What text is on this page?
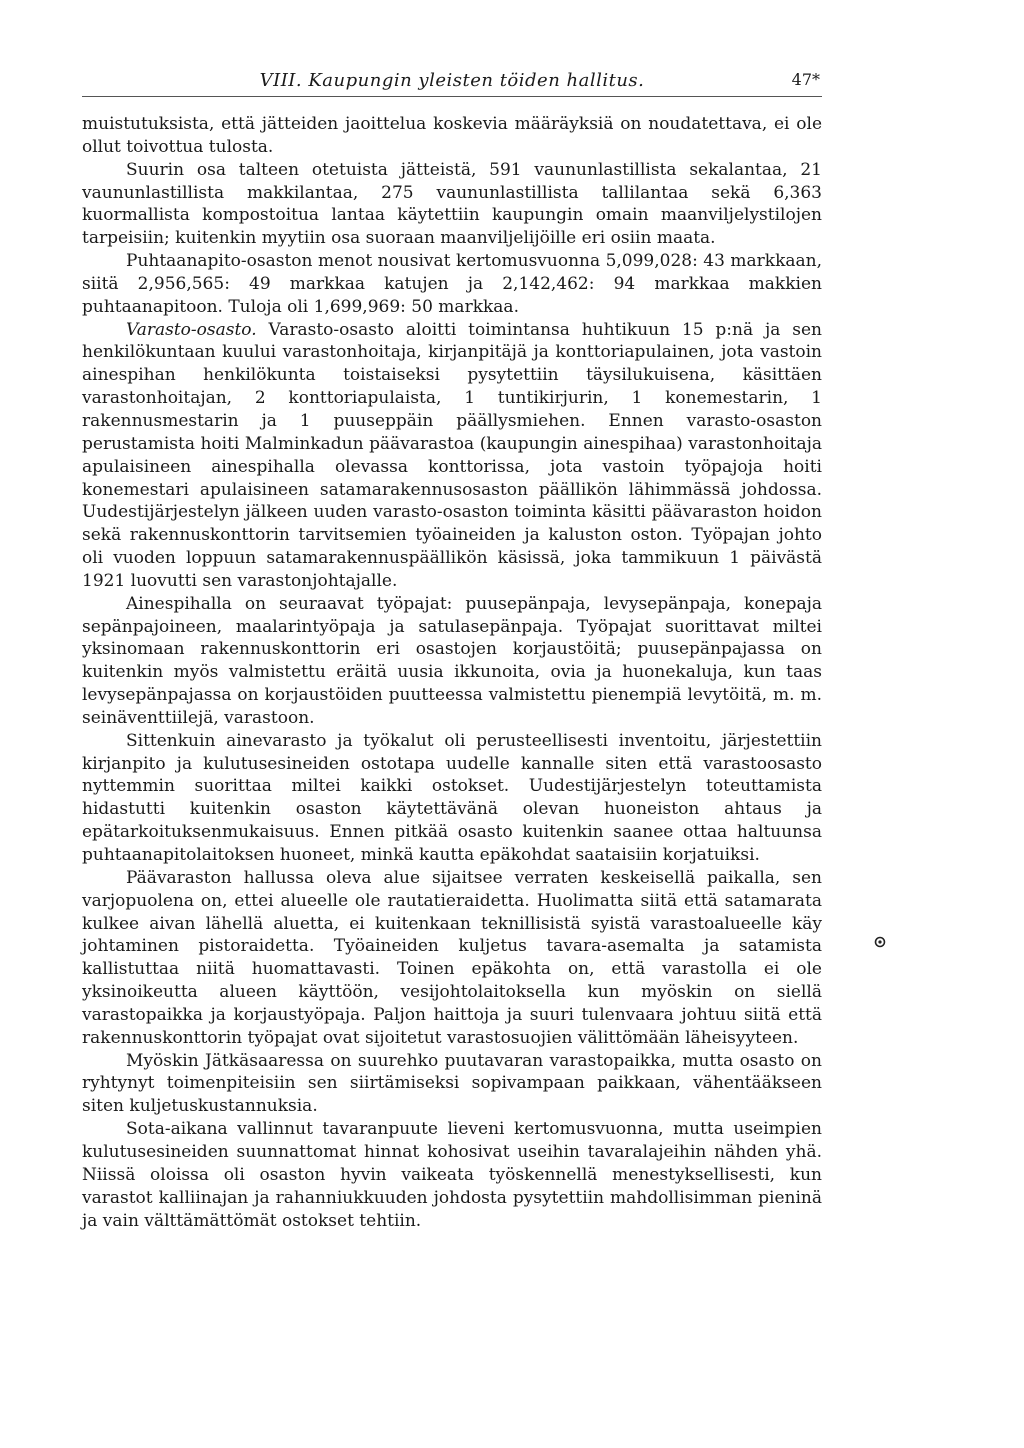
VIII. Kaupungin yleisten töiden hallitus.	47*

muistutuksista, että jätteiden jaoittelua koskevia määräyksiä on noudatettava, ei ole ollut toivottua tulosta.

Suurin osa talteen otetuista jätteistä, 591 vaununlastillista sekalantaa, 21 vaununlastillista makkilantaa, 275 vaununlastillista tallilantaa sekä 6,363 kuormallista kompostoitua lantaa käytettiin kaupungin omain maanviljelystilojen tarpeisiin; kuitenkin myytiin osa suoraan maanviljelijöille eri osiin maata.

Puhtaanapito-osaston menot nousivat kertomusvuonna 5,099,028: 43 markkaan, siitä 2,956,565: 49 markkaa katujen ja 2,142,462: 94 markkaa makkien puhtaanapitoon. Tuloja oli 1,699,969: 50 markkaa.

Varasto-osasto. Varasto-osasto aloitti toimintansa huhtikuun 15 p:nä ja sen henkilökuntaan kuului varastonhoitaja, kirjanpitäjä ja konttoriapulainen, jota vastoin ainespihan henkilökunta toistaiseksi pysytettiin täysilukuisena, käsittäen varastonhoitajan, 2 konttoriapulaista, 1 tuntikirjurin, 1 konemestarin, 1 rakennusmestarin ja 1 puuseppäin päällysmiehen. Ennen varasto-osaston perustamista hoiti Malminkadun päävarastoa (kaupungin ainespihaa) varastonhoitaja apulaisineen ainespihalla olevassa konttorissa, jota vastoin työpajoja hoiti konemestari apulaisineen satamarakennusosaston päällikön lähimmässä johdossa. Uudestijärjestelyn jälkeen uuden varasto-osaston toiminta käsitti päävaraston hoidon sekä rakennuskonttorin tarvitsemien työaineiden ja kaluston oston. Työpajan johto oli vuoden loppuun satamarakennuspäällikön käsissä, joka tammikuun 1 päivästä 1921 luovutti sen varastonjohtajalle.

Ainespihalla on seuraavat työpajat: puusepänpaja, levysepänpaja, konepaja sepänpajoineen, maalarintyöpaja ja satulasepänpaja. Työpajat suorittavat miltei yksinomaan rakennuskonttorin eri osastojen korjaustöitä; puusepänpajassa on kuitenkin myös valmistettu eräitä uusia ikkunoita, ovia ja huonekaluja, kun taas levysepänpajassa on korjaustöiden puutteessa valmistettu pienempiä levytöitä, m. m. seinäventtiilejä, varastoon.

Sittenkuin ainevarasto ja työkalut oli perusteellisesti inventoitu, järjestettiin kirjanpito ja kulutusesineiden ostotapa uudelle kannalle siten että varastoosasto nyttemmin suorittaa miltei kaikki ostokset. Uudestijärjestelyn toteuttamista hidastutti kuitenkin osaston käytettävänä olevan huoneiston ahtaus ja epätarkoituksenmukaisuus. Ennen pitkää osasto kuitenkin saanee ottaa haltuunsa puhtaanapitolaitoksen huoneet, minkä kautta epäkohdat saataisiin korjatuiksi.

Päävaraston hallussa oleva alue sijaitsee verraten keskeisellä paikalla, sen varjopuolena on, ettei alueelle ole rautatieraidetta. Huolimatta siitä että satamarata kulkee aivan lähellä aluetta, ei kuitenkaan teknillisistä syistä varastoalueelle käy johtaminen pistoraidetta. Työaineiden kuljetus tavara-asemalta ja satamista kallistuttaa niitä huomattavasti. Toinen epäkohta on, että varastolla ei ole yksinoikeutta alueen käyttöön, vesijohtolaitoksella kun myöskin on siellä varastopaikka ja korjaustyöpaja. Paljon haittoja ja suuri tulenvaara johtuu siitä että rakennuskonttorin työpajat ovat sijoitetut varastosuojien välittömään läheisyyteen.

Myöskin Jätkäsaaressa on suurehko puutavaran varastopaikka, mutta osasto on ryhtynyt toimenpiteisiin sen siirtämiseksi sopivampaan paikkaan, vähentääkseen siten kuljetuskustannuksia.

Sota-aikana vallinnut tavaranpuute lieveni kertomusvuonna, mutta useimpien kulutusesineiden suunnattomat hinnat kohosivat useihin tavaralajeihin nähden yhä. Niissä oloissa oli osaston hyvin vaikeata työskennellä menestyksellisesti, kun varastot kalliinajan ja rahanniukkuuden johdosta pysytettiin mahdollisimman pieninä ja vain välttämättömät ostokset tehtiin.
